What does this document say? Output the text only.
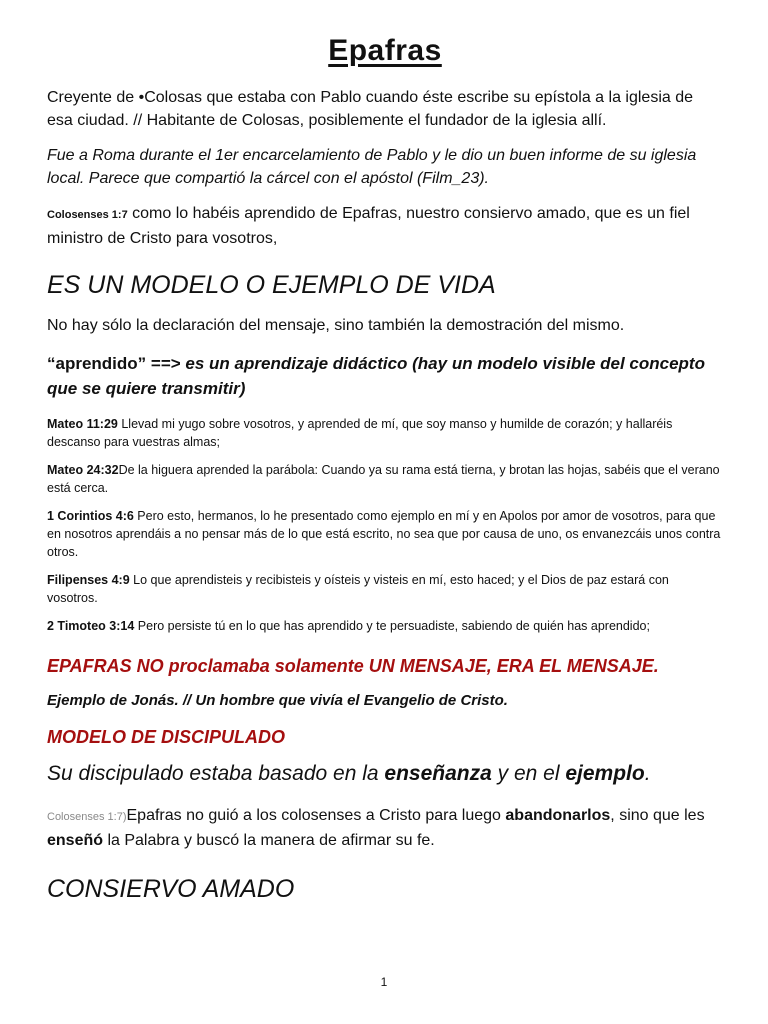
Epafras

Creyente de •Colosas que estaba con Pablo cuando éste escribe su epístola a la iglesia de esa ciudad. // Habitante de Colosas, posiblemente el fundador de la iglesia allí.

Fue a Roma durante el 1er encarcelamiento de Pablo y le dio un buen informe de su iglesia local. Parece que compartió la cárcel con el apóstol (Film_23).

Colosenses 1:7 como lo habéis aprendido de Epafras, nuestro consiervo amado, que es un fiel ministro de Cristo para vosotros,

ES UN MODELO O EJEMPLO DE VIDA

No hay sólo la declaración del mensaje, sino también la demostración del mismo.

“aprendido” ==> es un aprendizaje didáctico (hay un modelo visible del concepto que se quiere transmitir)

Mateo 11:29 Llevad mi yugo sobre vosotros, y aprended de mí, que soy manso y humilde de corazón; y hallaréis descanso para vuestras almas;

Mateo 24:32De la higuera aprended la parábola: Cuando ya su rama está tierna, y brotan las hojas, sabéis que el verano está cerca.

1 Corintios 4:6 Pero esto, hermanos, lo he presentado como ejemplo en mí y en Apolos por amor de vosotros, para que en nosotros aprendáis a no pensar más de lo que está escrito, no sea que por causa de uno, os envanezcáis unos contra otros.

Filipenses 4:9 Lo que aprendisteis y recibisteis y oísteis y visteis en mí, esto haced; y el Dios de paz estará con vosotros.

2 Timoteo 3:14 Pero persiste tú en lo que has aprendido y te persuadiste, sabiendo de quién has aprendido;

EPAFRAS NO proclamaba solamente UN MENSAJE, ERA EL MENSAJE.

Ejemplo de Jonás. // Un hombre que vivía el Evangelio de Cristo.

MODELO DE DISCIPULADO

Su discipulado estaba basado en la enseñanza y en el ejemplo.

Colosenses 1:7)Epafras no guió a los colosenses a Cristo para luego abandonarlos, sino que les enseñó la Palabra y buscó la manera de afirmar su fe.

CONSIERVO AMADO
1
